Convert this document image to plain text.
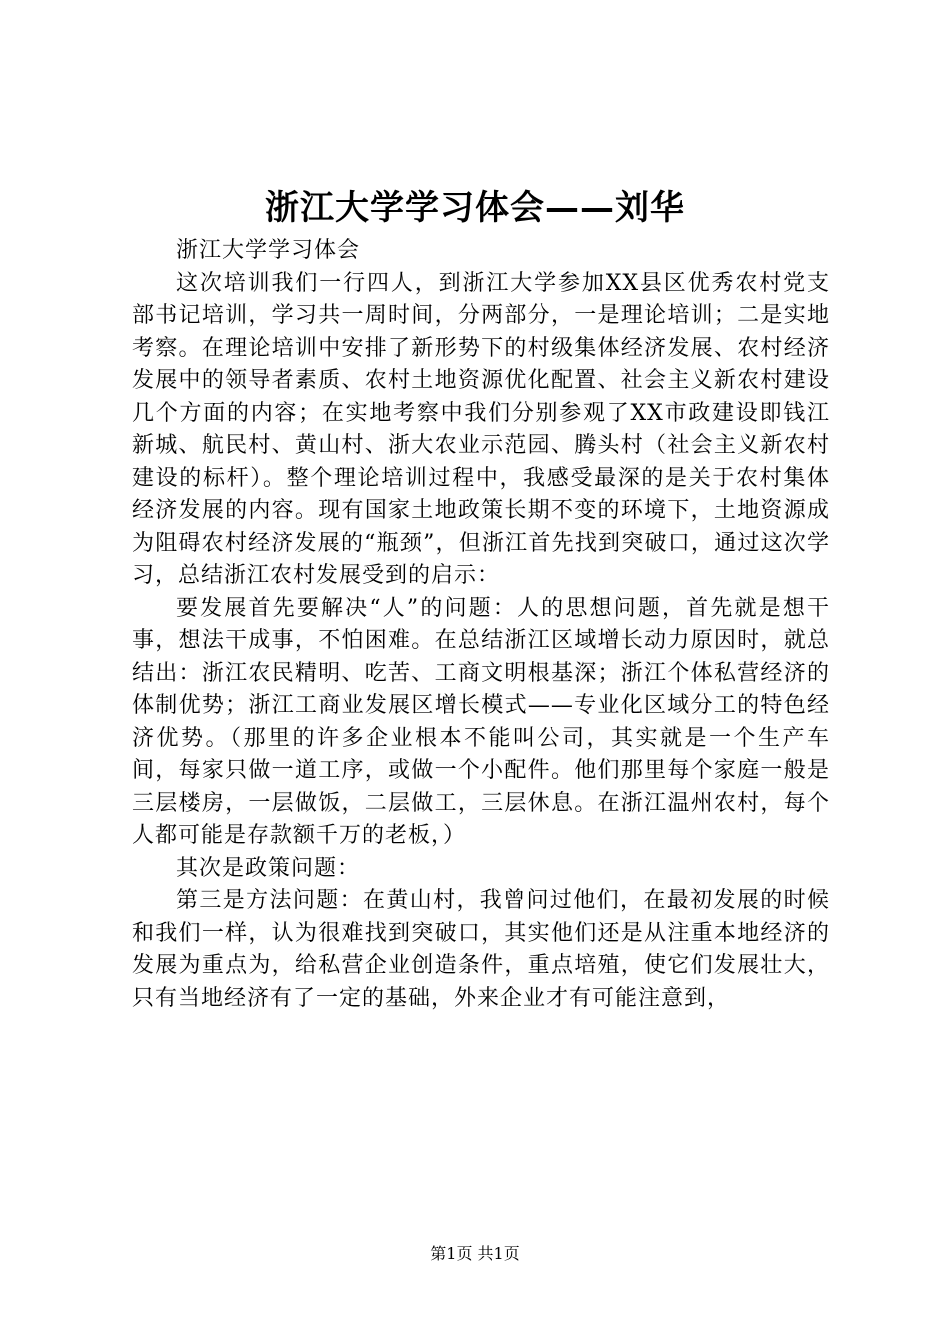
浙江大学学习体会——刘华

浙江大学学习体会

这次培训我们一行四人，到浙江大学参加XX县区优秀农村党支部书记培训，学习共一周时间，分两部分，一是理论培训；二是实地考察。在理论培训中安排了新形势下的村级集体经济发展、农村经济发展中的领导者素质、农村土地资源优化配置、社会主义新农村建设几个方面的内容；在实地考察中我们分别参观了XX市政建设即钱江新城、航民村、黄山村、浙大农业示范园、腾头村（社会主义新农村建设的标杆）。整个理论培训过程中，我感受最深的是关于农村集体经济发展的内容。现有国家土地政策长期不变的环境下，土地资源成为阻碍农村经济发展的“瓶颈”，但浙江首先找到突破口，通过这次学习，总结浙江农村发展受到的启示：

要发展首先要解决“人”的问题：人的思想问题，首先就是想干事，想法干成事，不怕困难。在总结浙江区域增长动力原因时，就总结出：浙江农民精明、吃苦、工商文明根基深；浙江个体私营经济的体制优势；浙江工商业发展区增长模式——专业化区域分工的特色经济优势。（那里的许多企业根本不能叫公司，其实就是一个生产车间，每家只做一道工序，或做一个小配件。他们那里每个家庭一般是三层楼房，一层做饭，二层做工，三层休息。在浙江温州农村，每个人都可能是存款额千万的老板，）

其次是政策问题：

第三是方法问题：在黄山村，我曾问过他们，在最初发展的时候和我们一样，认为很难找到突破口，其实他们还是从注重本地经济的发展为重点为，给私营企业创造条件，重点培殖，使它们发展壮大，只有当地经济有了一定的基础，外来企业才有可能注意到，

第1页 共1页
